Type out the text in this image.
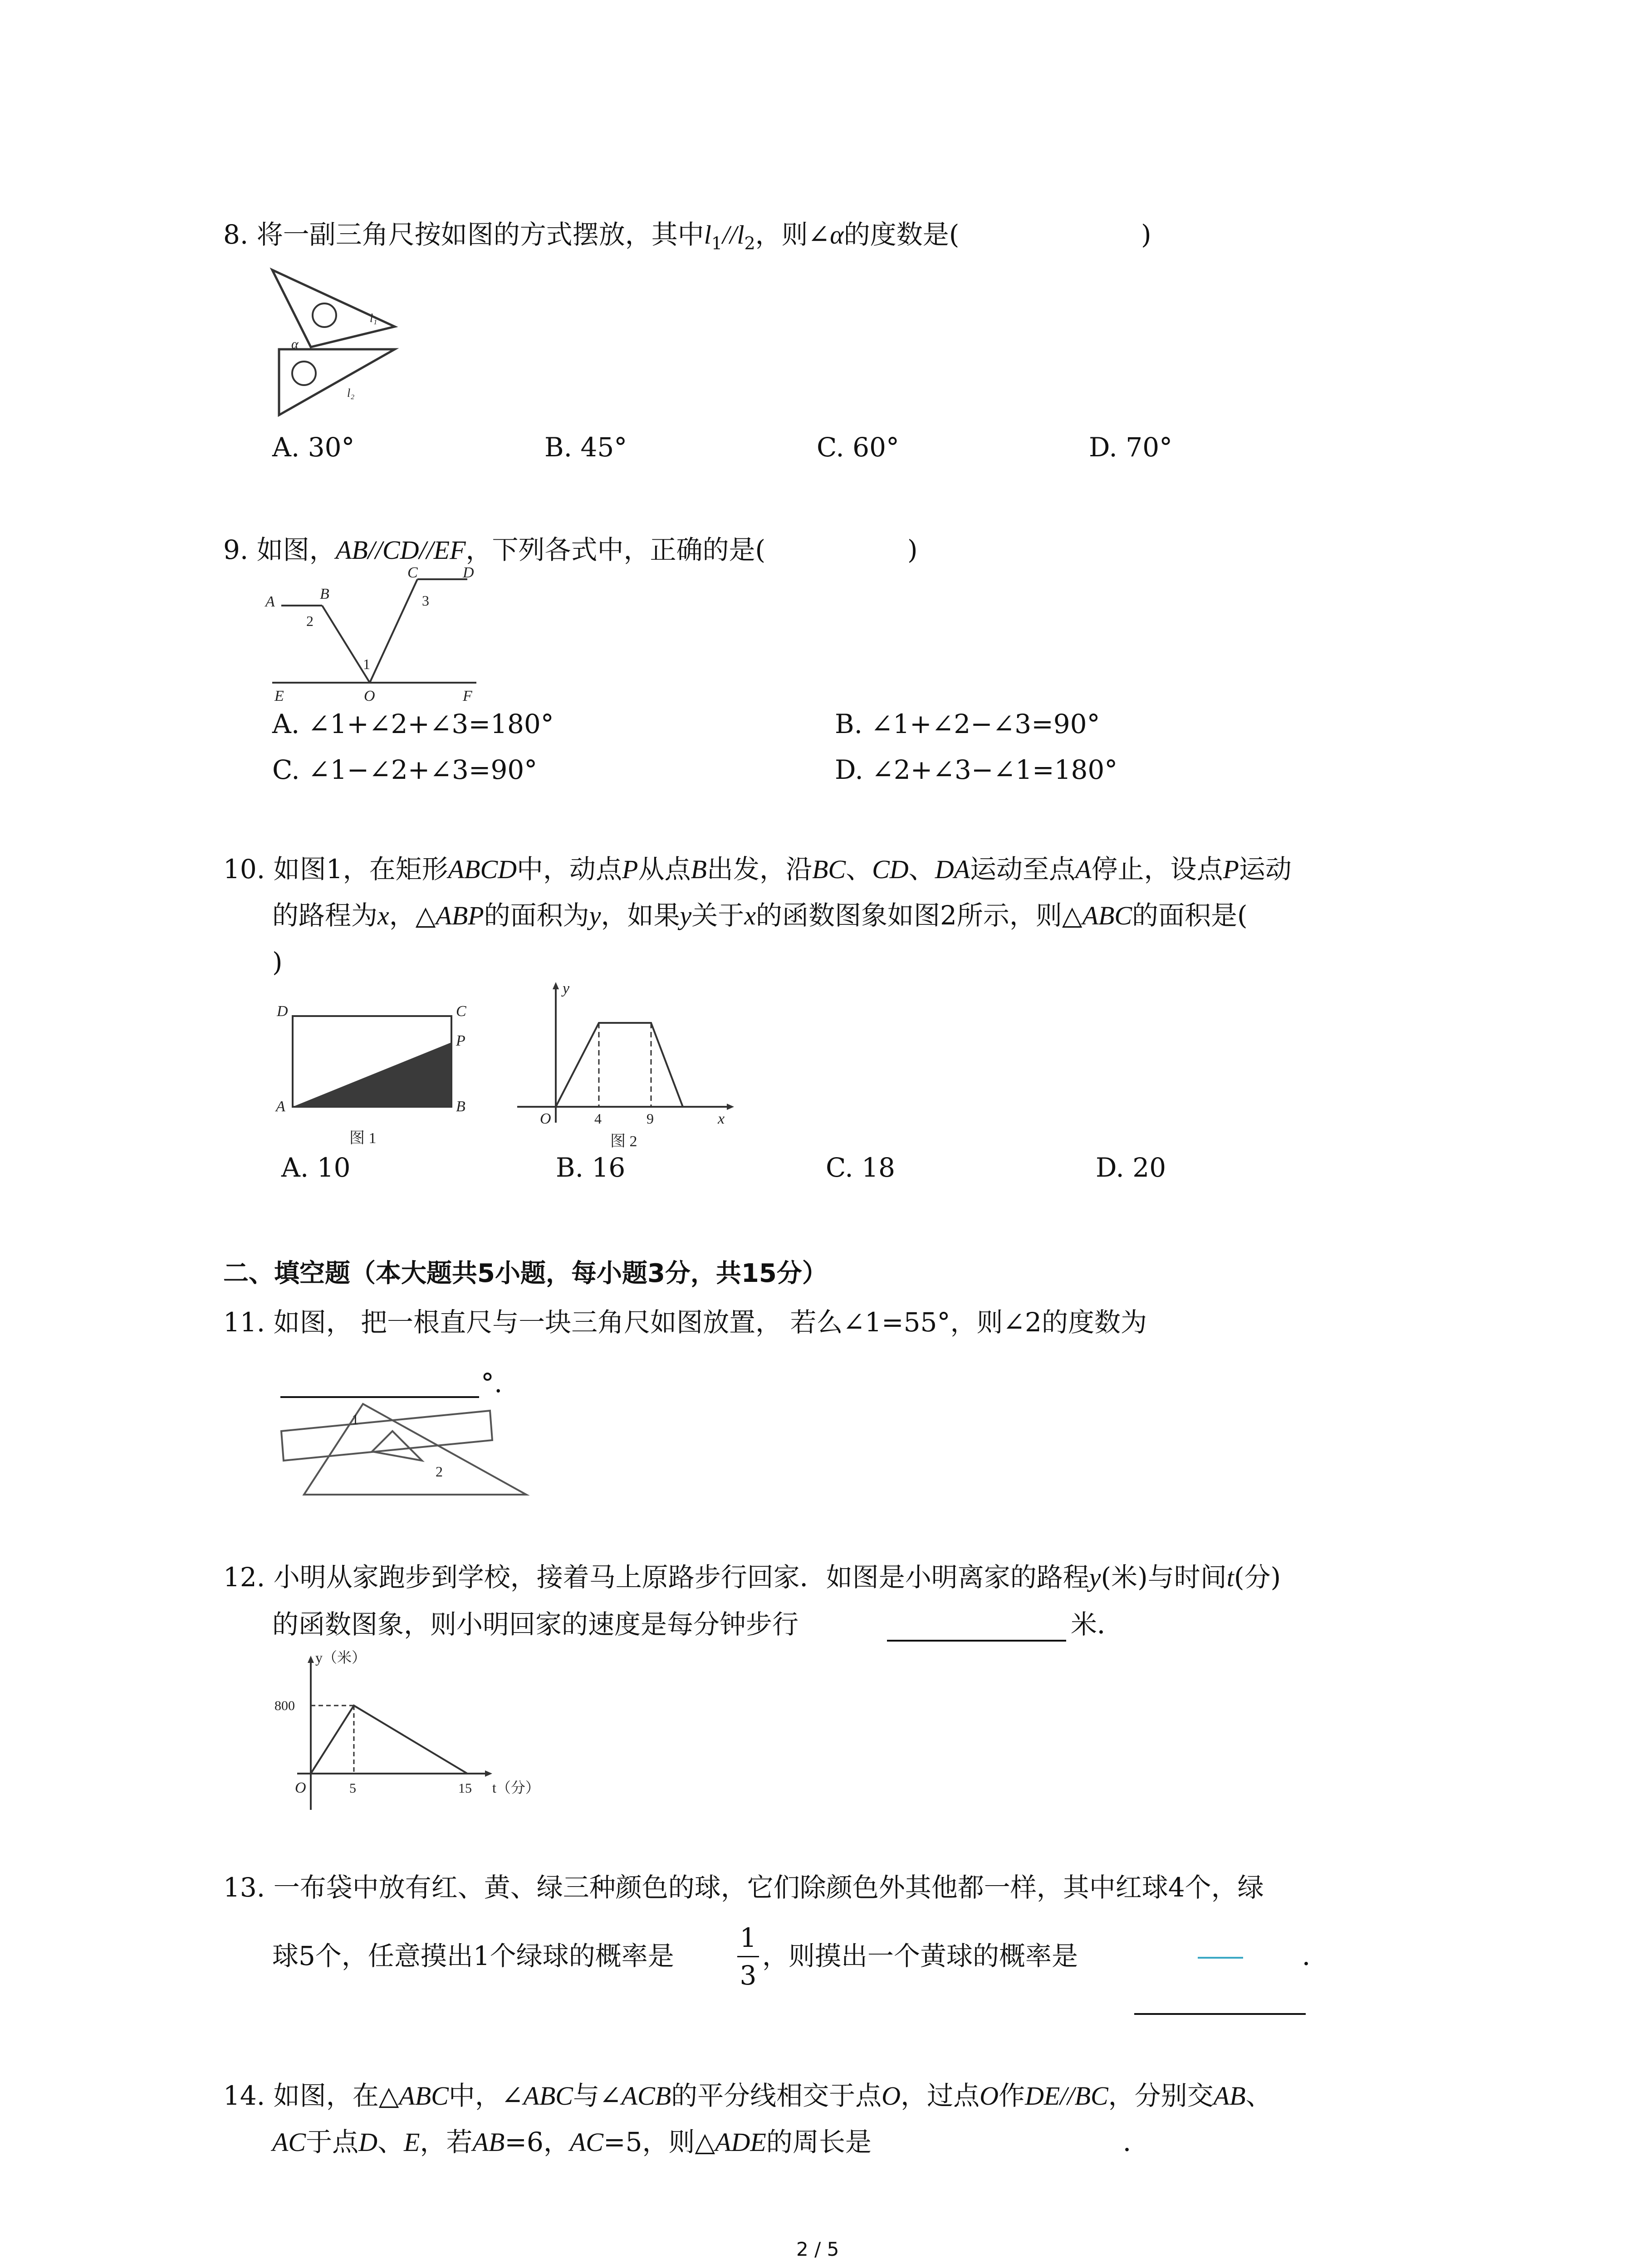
8. 将一副三角尺按如图的方式摆放，其中$l_1//l_2$，则∠α的度数是(	)
α
l₁
l₂
A. 30°	B. 45°	C. 60°	D. 70°
9. 如图，AB//CD//EF，下列各式中，正确的是(	)
A	B
C	D
E	O	F
1
2
3
A. ∠1+∠2+∠3=180°	B. ∠1+∠2−∠3=90°
C. ∠1−∠2+∠3=90°	D. ∠2+∠3−∠1=180°
10. 如图1，在矩形ABCD中，动点P从点B出发，沿BC、CD、DA运动至点A停止，设点P运动
的路程为x，△ABP的面积为y，如果y关于x的函数图象如图2所示，则△ABC的面积是(
)
D	C
P
A	B
图 1
y
O	4	9	x
图 2
A. 10	B. 16	C. 18	D. 20
二、填空题（本大题共5小题，每小题3分，共15分）
11. 如图， 把一根直尺与一块三角尺如图放置， 若么∠1=55°，则∠2的度数为
°.
1
2
12. 小明从家跑步到学校，接着马上原路步行回家．如图是小明离家的路程y(米)与时间t(分)
的函数图象，则小明回家的速度是每分钟步行	米．
y（米）
800
O	5	15 t（分）
13. 一布袋中放有红、黄、绿三种颜色的球，它们除颜色外其他都一样，其中红球4个，绿
球5个，任意摸出1个绿球的概率是
1
3
，则摸出一个黄球的概率是	．
14. 如图，在△ABC中，∠ABC与∠ACB的平分线相交于点O，过点O作DE//BC，分别交AB、
AC于点D、E，若AB=6，AC=5，则△ADE的周长是	．
2 / 5
